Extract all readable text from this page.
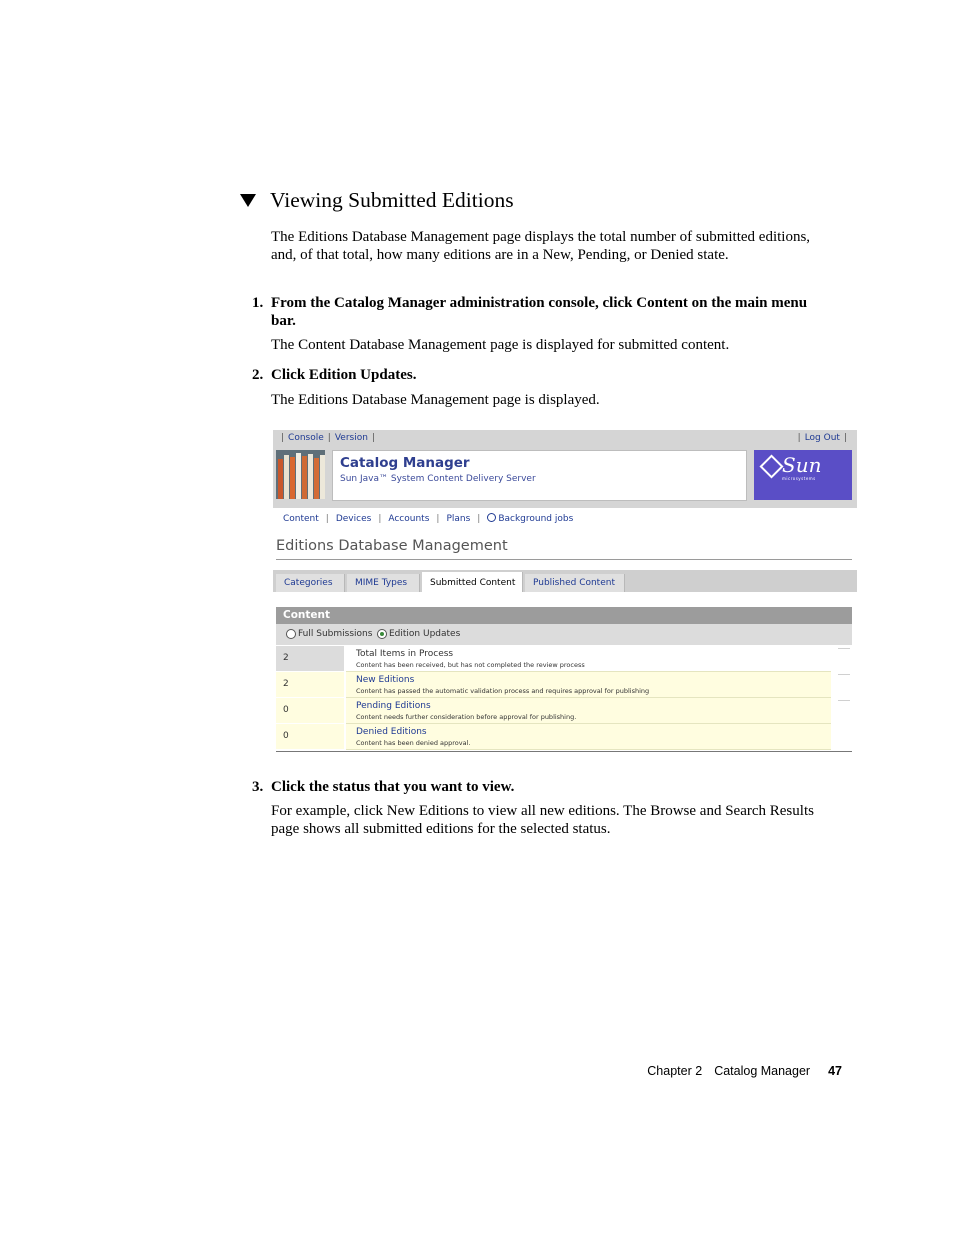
Viewing Submitted Editions
The Editions Database Management page displays the total number of submitted editions, and, of that total, how many editions are in a New, Pending, or Denied state.
1. From the Catalog Manager administration console, click Content on the main menu bar.
The Content Database Management page is displayed for submitted content.
2. Click Edition Updates.
The Editions Database Management page is displayed.
| Console | Version |	| Log Out |
Catalog Manager
Sun Java™ System Content Delivery Server
Sun
microsystems
Content | Devices | Accounts | Plans | Background jobs
Editions Database Management
Categories	MIME Types	Submitted Content	Published Content
Content
Full Submissions Edition Updates
2	Total Items in Process
Content has been received, but has not completed the review process
2	New Editions
Content has passed the automatic validation process and requires approval for publishing
0	Pending Editions
Content needs further consideration before approval for publishing.
0	Denied Editions
Content has been denied approval.
3. Click the status that you want to view.
For example, click New Editions to view all new editions. The Browse and Search Results page shows all submitted editions for the selected status.
Chapter 2 Catalog Manager 47
